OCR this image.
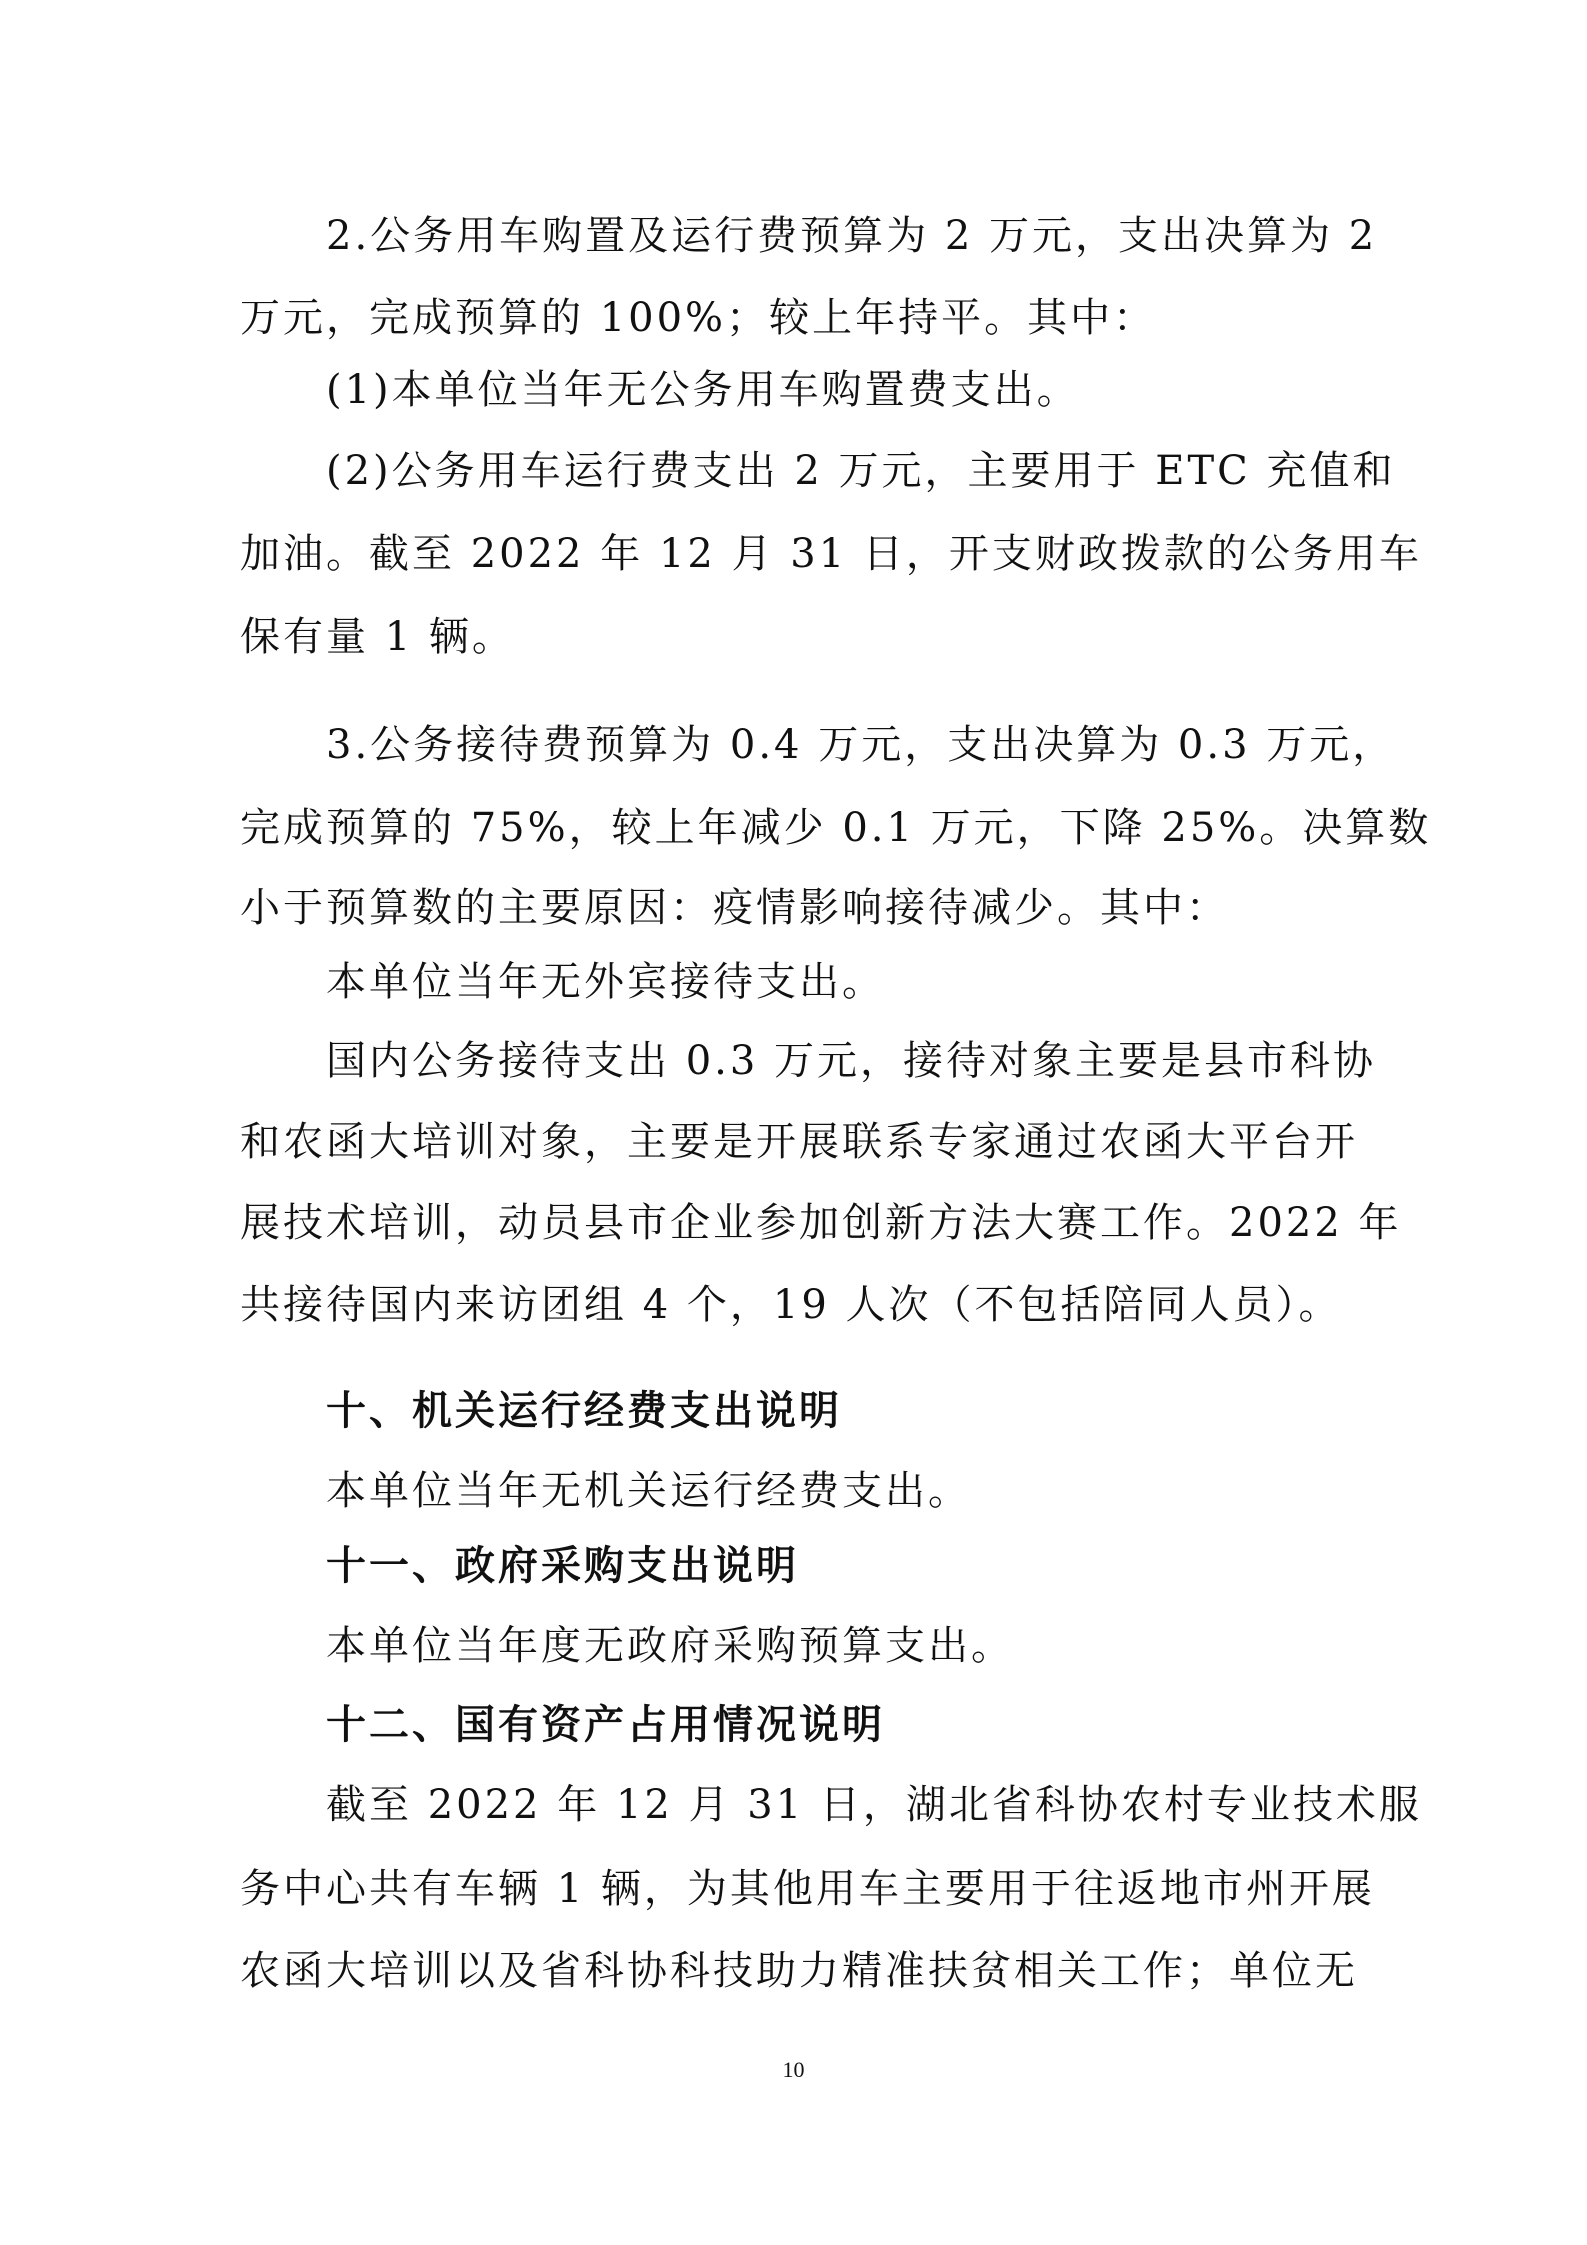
2.公务用车购置及运行费预算为 2 万元，支出决算为 2
万元，完成预算的 100%；较上年持平。其中：
(1)本单位当年无公务用车购置费支出。
(2)公务用车运行费支出 2 万元，主要用于 ETC 充值和
加油。截至 2022 年 12 月 31 日，开支财政拨款的公务用车
保有量 1 辆。
3.公务接待费预算为 0.4 万元，支出决算为 0.3 万元，
完成预算的 75%，较上年减少 0.1 万元，下降 25%。决算数
小于预算数的主要原因：疫情影响接待减少。其中：
本单位当年无外宾接待支出。
国内公务接待支出 0.3 万元，接待对象主要是县市科协
和农函大培训对象，主要是开展联系专家通过农函大平台开
展技术培训，动员县市企业参加创新方法大赛工作。2022 年
共接待国内来访团组 4 个，19 人次（不包括陪同人员）。
十、机关运行经费支出说明
本单位当年无机关运行经费支出。
十一、政府采购支出说明
本单位当年度无政府采购预算支出。
十二、国有资产占用情况说明
截至 2022 年 12 月 31 日，湖北省科协农村专业技术服
务中心共有车辆 1 辆，为其他用车主要用于往返地市州开展
农函大培训以及省科协科技助力精准扶贫相关工作；单位无
10
